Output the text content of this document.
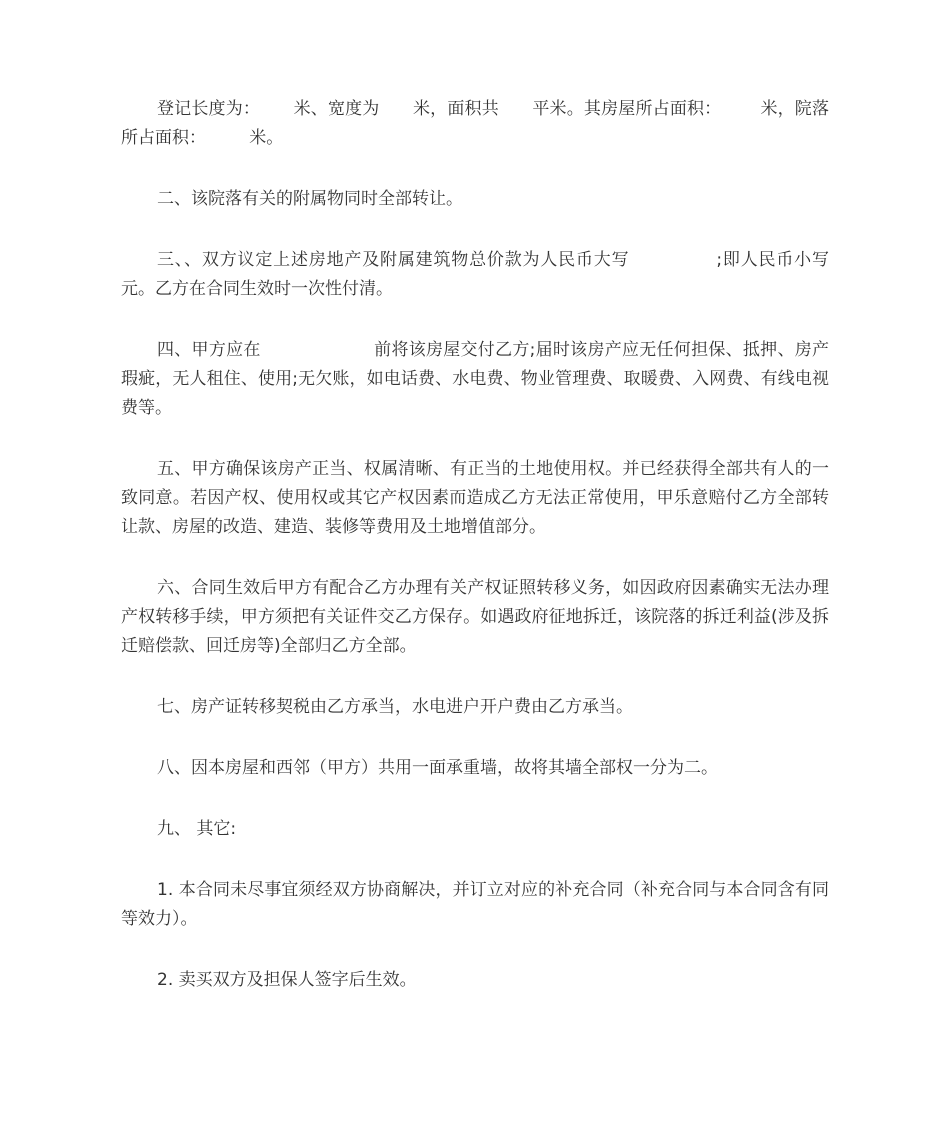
登记长度为：      米、宽度为      米，面积共      平米。其房屋所占面积：       米，院落所占面积：        米。

二、该院落有关的附属物同时全部转让。

三、、双方议定上述房地产及附属建筑物总价款为人民币大写              ;即人民币小写       元。乙方在合同生效时一次性付清。

四、甲方应在                    前将该房屋交付乙方;届时该房产应无任何担保、抵押、房产瑕疵，无人租住、使用;无欠账，如电话费、水电费、物业管理费、取暖费、入网费、有线电视费等。

五、甲方确保该房产正当、权属清晰、有正当的土地使用权。并已经获得全部共有人的一致同意。若因产权、使用权或其它产权因素而造成乙方无法正常使用，甲乐意赔付乙方全部转让款、房屋的改造、建造、装修等费用及土地增值部分。

六、合同生效后甲方有配合乙方办理有关产权证照转移义务，如因政府因素确实无法办理产权转移手续，甲方须把有关证件交乙方保存。如遇政府征地拆迁，该院落的拆迁利益(涉及拆迁赔偿款、回迁房等)全部归乙方全部。

七、房产证转移契税由乙方承当，水电进户开户费由乙方承当。

八、因本房屋和西邻（甲方）共用一面承重墙，故将其墙全部权一分为二。

九、 其它:

1. 本合同未尽事宜须经双方协商解决，并订立对应的补充合同（补充合同与本合同含有同等效力）。

2. 卖买双方及担保人签字后生效。
